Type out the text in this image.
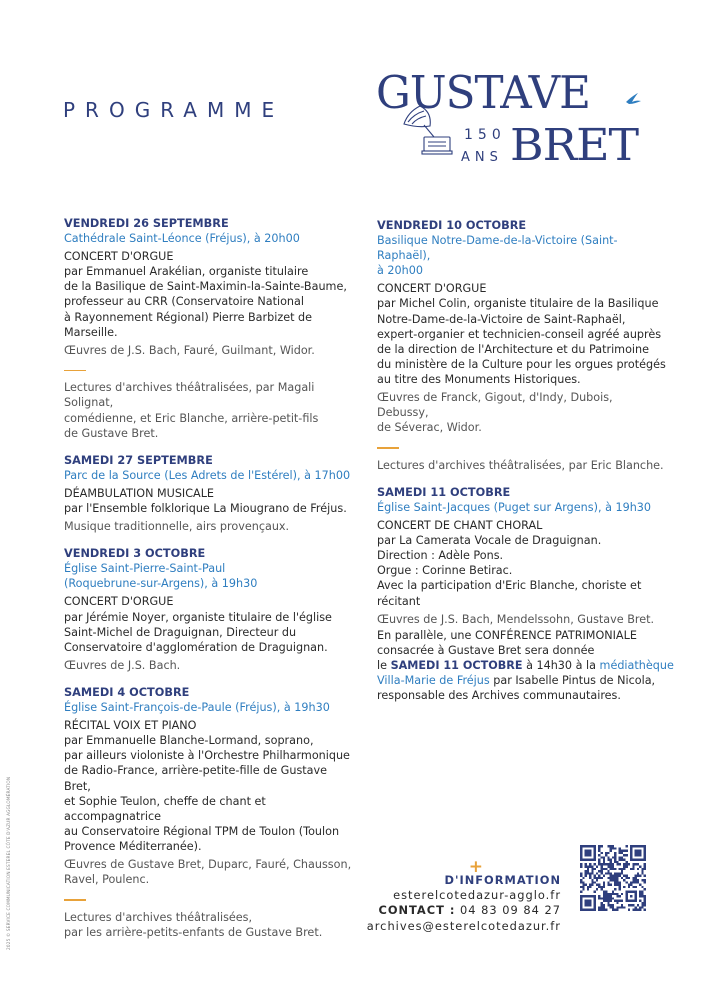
PROGRAMME GUSTAVE
150
ANS BRET
VENDREDI 26 SEPTEMBRE
Cathédrale Saint-Léonce (Fréjus), à 20h00
CONCERT D'ORGUE
par Emmanuel Arakélian, organiste titulaire
de la Basilique de Saint-Maximin-la-Sainte-Baume,
professeur au CRR (Conservatoire National
à Rayonnement Régional) Pierre Barbizet de Marseille.
Œuvres de J.S. Bach, Fauré, Guilmant, Widor.
Lectures d'archives théâtralisées, par Magali Solignat,
comédienne, et Eric Blanche, arrière-petit-fils
de Gustave Bret.
SAMEDI 27 SEPTEMBRE
Parc de la Source (Les Adrets de l'Estérel), à 17h00
DÉAMBULATION MUSICALE
par l'Ensemble folklorique La Miougrano de Fréjus.
Musique traditionnelle, airs provençaux.
VENDREDI 3 OCTOBRE
Église Saint-Pierre-Saint-Paul
(Roquebrune-sur-Argens), à 19h30
CONCERT D'ORGUE
par Jérémie Noyer, organiste titulaire de l'église
Saint-Michel de Draguignan, Directeur du
Conservatoire d'agglomération de Draguignan.
Œuvres de J.S. Bach.
SAMEDI 4 OCTOBRE
Église Saint-François-de-Paule (Fréjus), à 19h30
RÉCITAL VOIX ET PIANO
par Emmanuelle Blanche-Lormand, soprano,
par ailleurs violoniste à l'Orchestre Philharmonique
de Radio-France, arrière-petite-fille de Gustave Bret,
et Sophie Teulon, cheffe de chant et accompagnatrice
au Conservatoire Régional TPM de Toulon (Toulon
Provence Méditerranée).
Œuvres de Gustave Bret, Duparc, Fauré, Chausson,
Ravel, Poulenc.
Lectures d'archives théâtralisées,
par les arrière-petits-enfants de Gustave Bret.
VENDREDI 10 OCTOBRE
Basilique Notre-Dame-de-la-Victoire (Saint-Raphaël),
à 20h00
CONCERT D'ORGUE
par Michel Colin, organiste titulaire de la Basilique
Notre-Dame-de-la-Victoire de Saint-Raphaël,
expert-organier et technicien-conseil agréé auprès
de la direction de l'Architecture et du Patrimoine
du ministère de la Culture pour les orgues protégés
au titre des Monuments Historiques.
Œuvres de Franck, Gigout, d'Indy, Dubois, Debussy,
de Séverac, Widor.
Lectures d'archives théâtralisées, par Eric Blanche.
SAMEDI 11 OCTOBRE
Église Saint-Jacques (Puget sur Argens), à 19h30
CONCERT DE CHANT CHORAL
par La Camerata Vocale de Draguignan.
Direction : Adèle Pons.
Orgue : Corinne Betirac.
Avec la participation d'Eric Blanche, choriste et récitant
Œuvres de J.S. Bach, Mendelssohn, Gustave Bret.
En parallèle, une CONFÉRENCE PATRIMONIALE
consacrée à Gustave Bret sera donnée
le SAMEDI 11 OCTOBRE à 14h30 à la médiathèque
Villa-Marie de Fréjus par Isabelle Pintus de Nicola,
responsable des Archives communautaires.
2025 © SERVICE COMMUNICATION ESTEREL CÔTE D'AZUR AGGLOMÉRATION	+
D'INFORMATION
esterelcotedazur-agglo.fr
CONTACT : 04 83 09 84 27
archives@esterelcotedazur.fr
